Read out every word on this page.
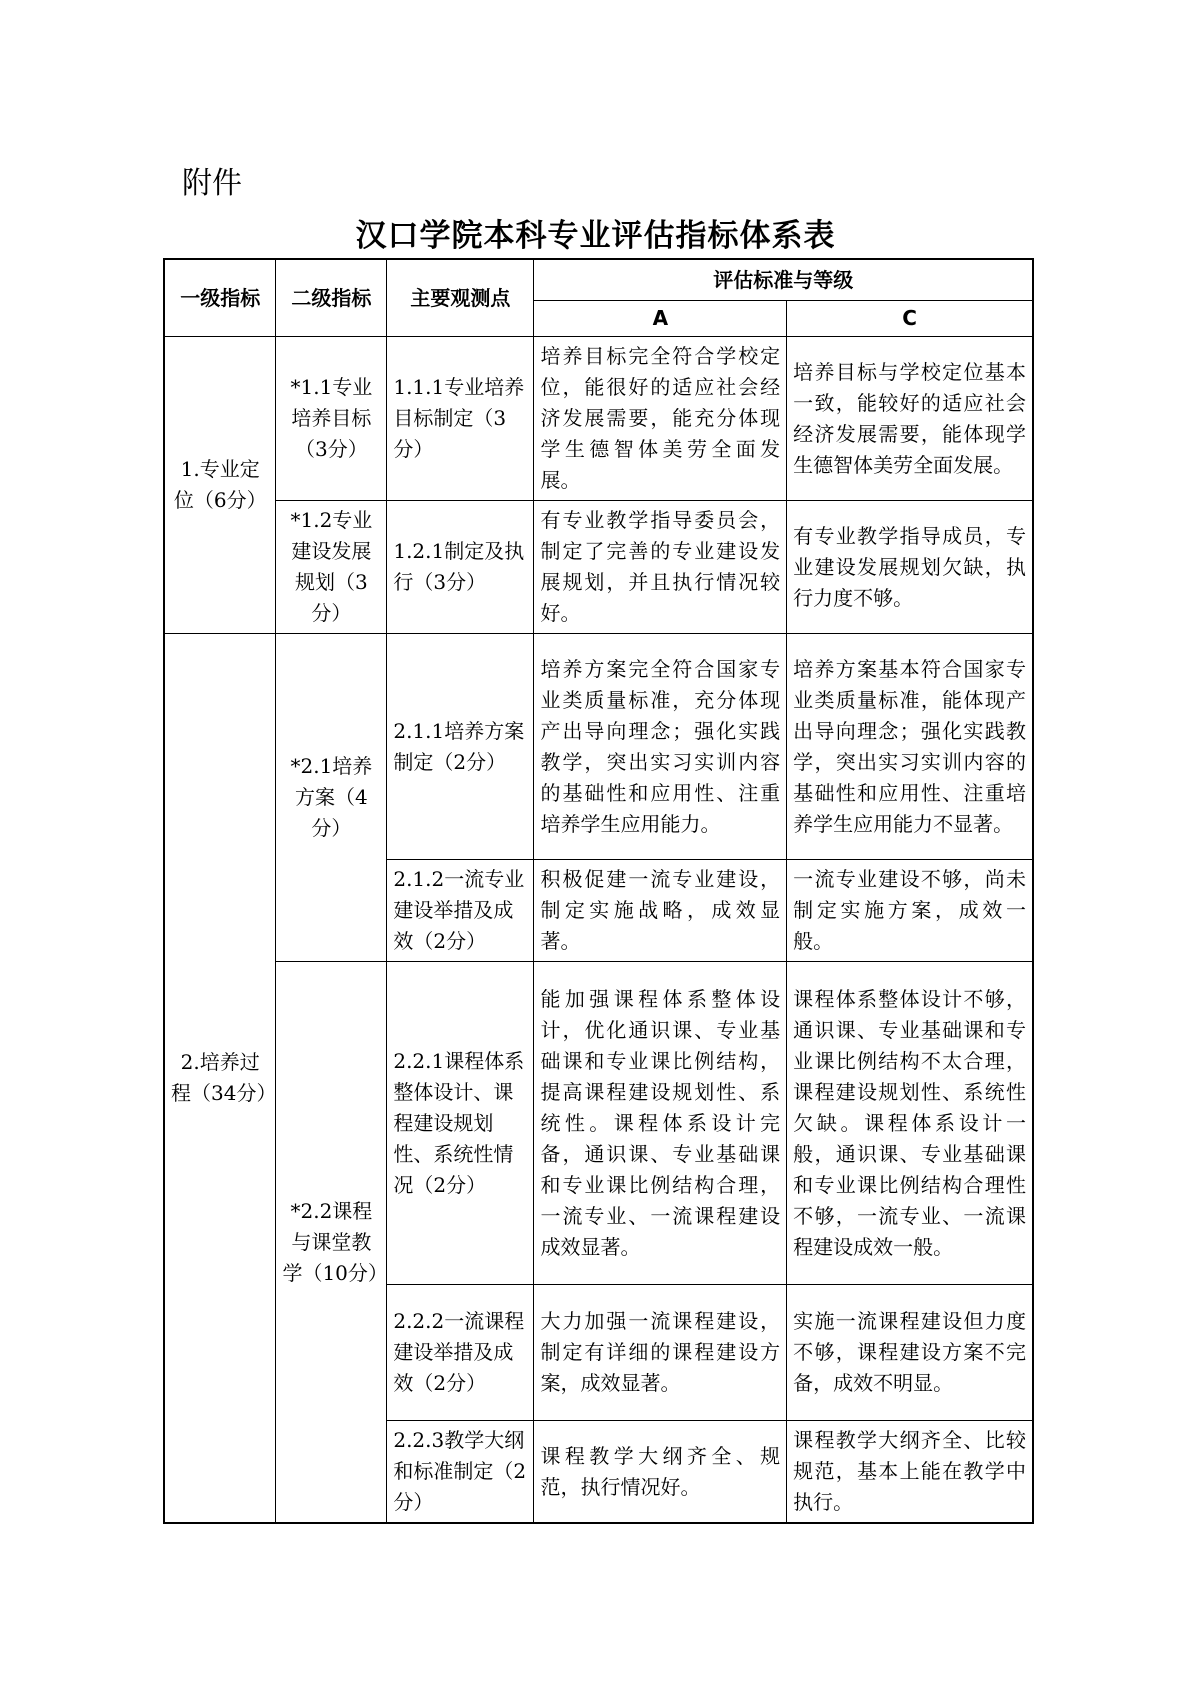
附件
汉口学院本科专业评估指标体系表
一级指标	二级指标	主要观测点	评估标准与等级	
			A	C
1.专业定位（6分）	*1.1专业培养目标（3分）	1.1.1专业培养目标制定（3分）	培养目标完全符合学校定位，能很好的适应社会经济发展需要，能充分体现学生德智体美劳全面发展。	培养目标与学校定位基本一致，能较好的适应社会经济发展需要，能体现学生德智体美劳全面发展。
	*1.2专业建设发展规划（3分）	1.2.1制定及执行（3分）	有专业教学指导委员会，制定了完善的专业建设发展规划，并且执行情况较好。	有专业教学指导成员，专业建设发展规划欠缺，执行力度不够。
2.培养过程（34分）	*2.1培养方案（4分）	2.1.1培养方案制定（2分）	培养方案完全符合国家专业类质量标准，充分体现产出导向理念；强化实践教学，突出实习实训内容的基础性和应用性、注重培养学生应用能力。	培养方案基本符合国家专业类质量标准，能体现产出导向理念；强化实践教学，突出实习实训内容的基础性和应用性、注重培养学生应用能力不显著。
		2.1.2一流专业建设举措及成效（2分）	积极促建一流专业建设，制定实施战略，成效显著。	一流专业建设不够，尚未制定实施方案，成效一般。
	*2.2课程与课堂教学（10分）	2.2.1课程体系整体设计、课程建设规划性、系统性情况（2分）	能加强课程体系整体设计，优化通识课、专业基础课和专业课比例结构，提高课程建设规划性、系统性。课程体系设计完备，通识课、专业基础课和专业课比例结构合理，一流专业、一流课程建设成效显著。	课程体系整体设计不够，通识课、专业基础课和专业课比例结构不太合理，课程建设规划性、系统性欠缺。课程体系设计一般，通识课、专业基础课和专业课比例结构合理性不够，一流专业、一流课程建设成效一般。
		2.2.2一流课程建设举措及成效（2分）	大力加强一流课程建设，制定有详细的课程建设方案，成效显著。	实施一流课程建设但力度不够，课程建设方案不完备，成效不明显。
		2.2.3教学大纲和标准制定（2分）	课程教学大纲齐全、规范，执行情况好。	课程教学大纲齐全、比较规范，基本上能在教学中执行。
